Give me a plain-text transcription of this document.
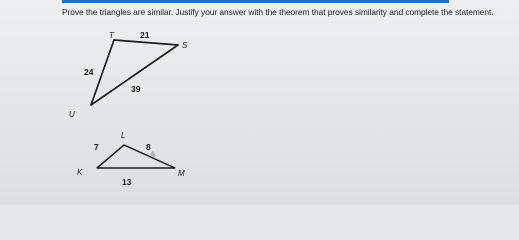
Prove the triangles are similar. Justify your answer with the theorem that proves similarity and complete the statement.
T
S
U
21
24
39
L
M
K
7	8
13
